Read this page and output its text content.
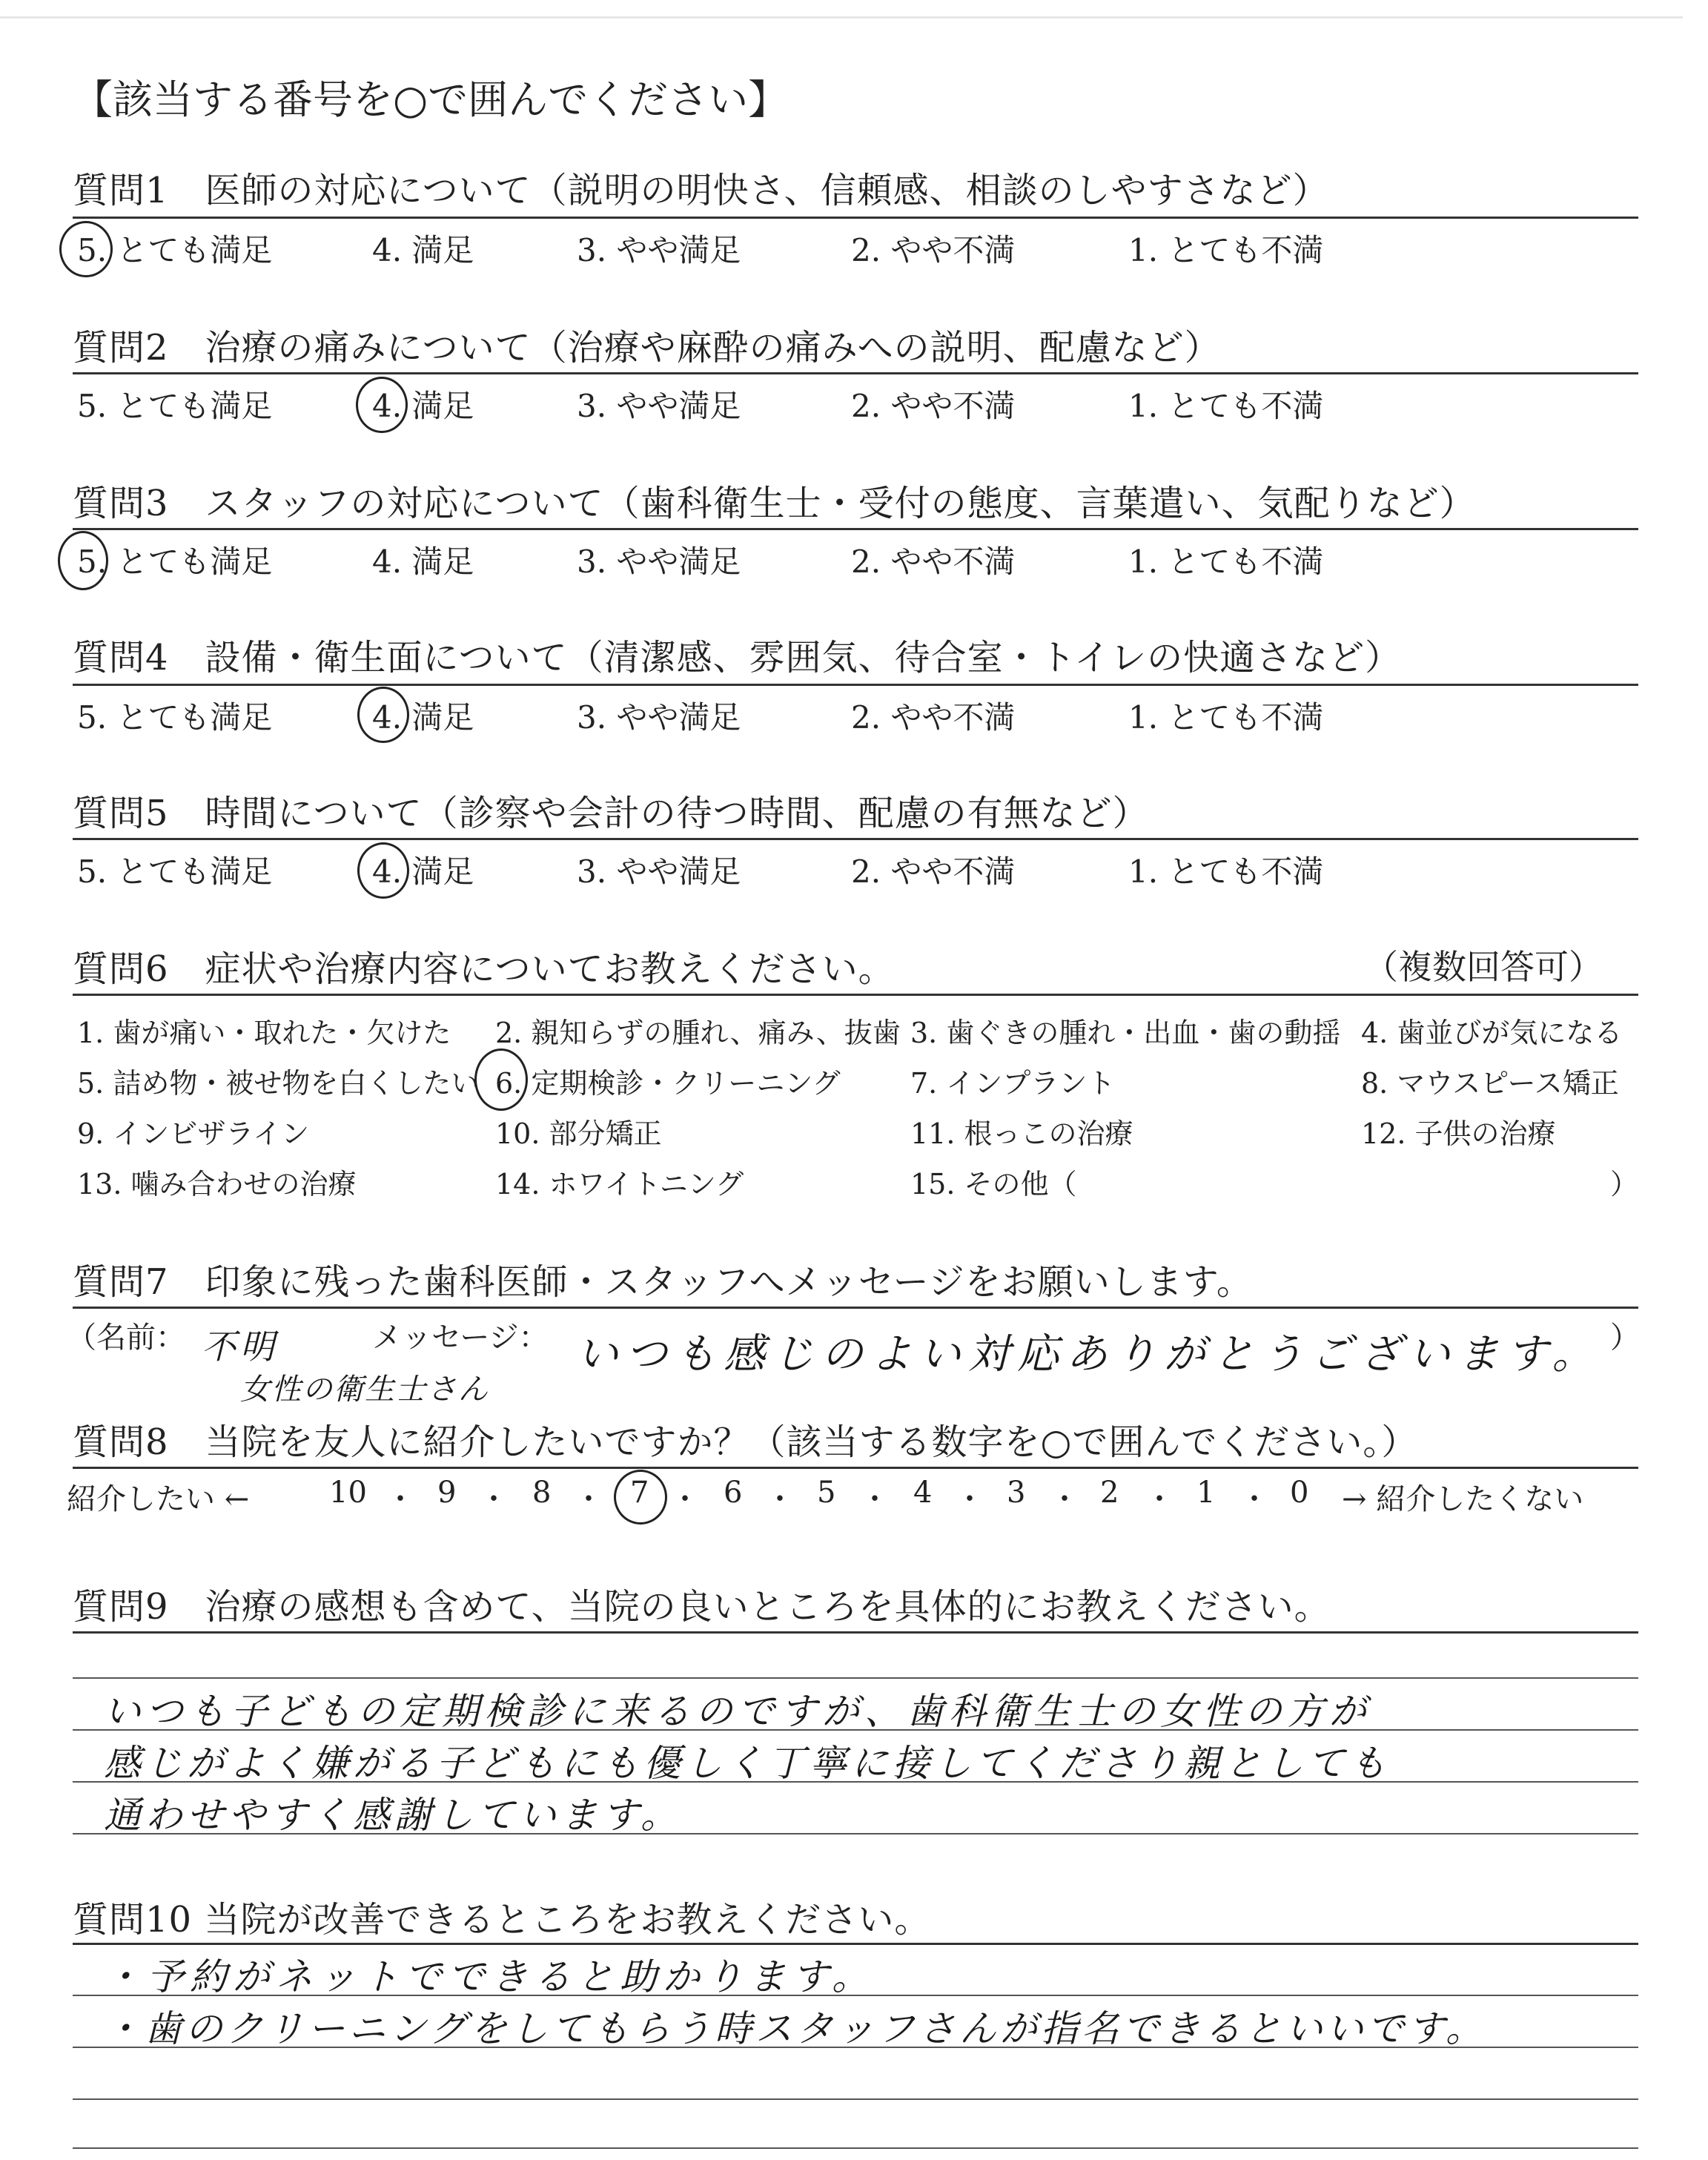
【該当する番号を○で囲んでください】
質問1　医師の対応について（説明の明快さ、信頼感、相談のしやすさなど）
5. とても満足	4. 満足	3. やや満足	2. やや不満	1. とても不満
質問2　治療の痛みについて（治療や麻酔の痛みへの説明、配慮など）
5. とても満足	4. 満足	3. やや満足	2. やや不満	1. とても不満
質問3　スタッフの対応について（歯科衛生士・受付の態度、言葉遣い、気配りなど）
5. とても満足	4. 満足	3. やや満足	2. やや不満	1. とても不満
質問4　設備・衛生面について（清潔感、雰囲気、待合室・トイレの快適さなど）
5. とても満足	4. 満足	3. やや満足	2. やや不満	1. とても不満
質問5　時間について（診察や会計の待つ時間、配慮の有無など）
5. とても満足	4. 満足	3. やや満足	2. やや不満	1. とても不満
質問6　症状や治療内容についてお教えください。	（複数回答可）
1. 歯が痛い・取れた・欠けた 2. 親知らずの腫れ、痛み、抜歯 3. 歯ぐきの腫れ・出血・歯の動揺 4. 歯並びが気になる
5. 詰め物・被せ物を白くしたい 6. 定期検診・クリーニング 7. インプラント	8. マウスピース矯正
9. インビザライン	10. 部分矯正	11. 根っこの治療	12. 子供の治療
13. 噛み合わせの治療	14. ホワイトニング	15. その他（	）
質問7　印象に残った歯科医師・スタッフへメッセージをお願いします。
（名前：	メッセージ：	）
不明
女性の衛生士さん
いつも感じのよい対応ありがとうございます。
質問8　当院を友人に紹介したいですか？（該当する数字を○で囲んでください。）
紹介したい ←	→ 紹介したくない
10 ・ 9 ・ 8 ・ 7 ・ 6 ・ 5 ・ 4 ・ 3 ・ 2 ・ 1 ・ 0
質問9　治療の感想も含めて、当院の良いところを具体的にお教えください。
いつも子どもの定期検診に来るのですが、歯科衛生士の女性の方が
感じがよく嫌がる子どもにも優しく丁寧に接してくださり親としても
通わせやすく感謝しています。
質問10 当院が改善できるところをお教えください。
・予約がネットでできると助かります。
・歯のクリーニングをしてもらう時スタッフさんが指名できるといいです。
